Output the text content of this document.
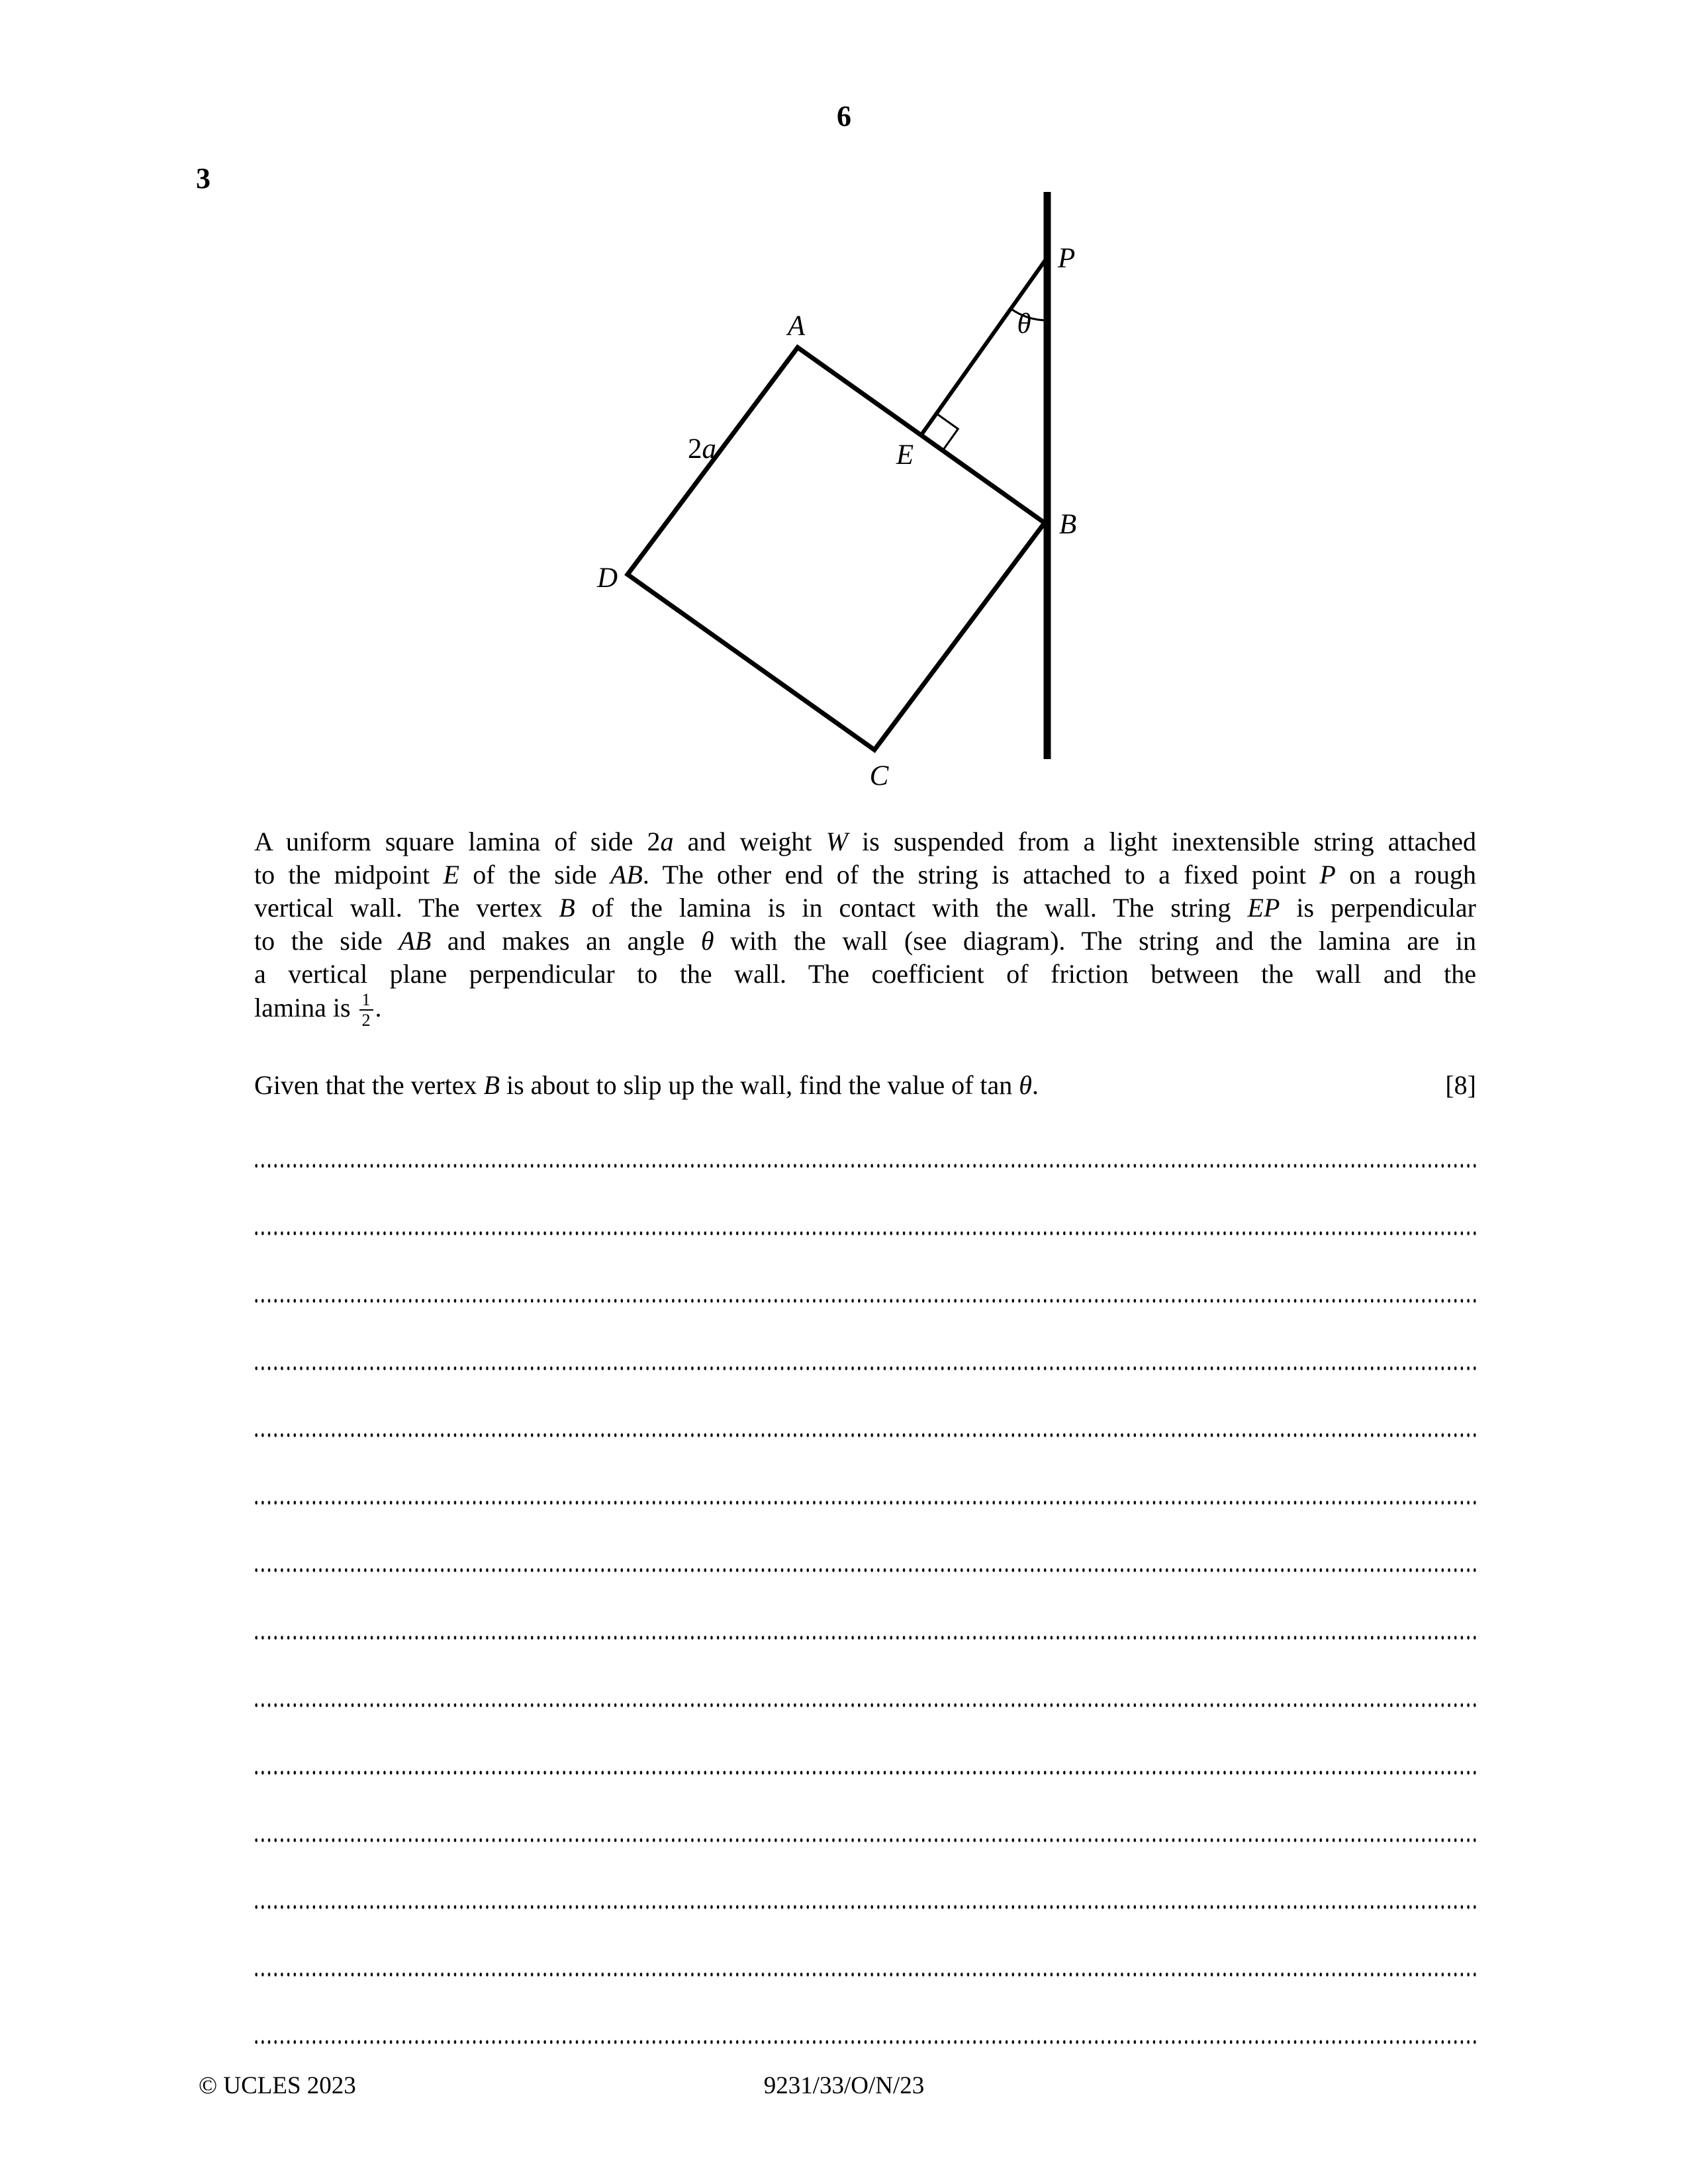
6
3
P
θ
A
B
C
D
E
2a
A uniform square lamina of side 2a and weight W is suspended from a light inextensible string attached
to the midpoint E of the side AB. The other end of the string is attached to a fixed point P on a rough
vertical wall. The vertex B of the lamina is in contact with the wall. The string EP is perpendicular
to the side AB and makes an angle θ with the wall (see diagram). The string and the lamina are in
a vertical plane perpendicular to the wall. The coefficient of friction between the wall and the
lamina is $\frac{1}{2}$ .
Given that the vertex B is about to slip up the wall, find the value of tan θ.	[8]
© UCLES 2023	9231/33/O/N/23
